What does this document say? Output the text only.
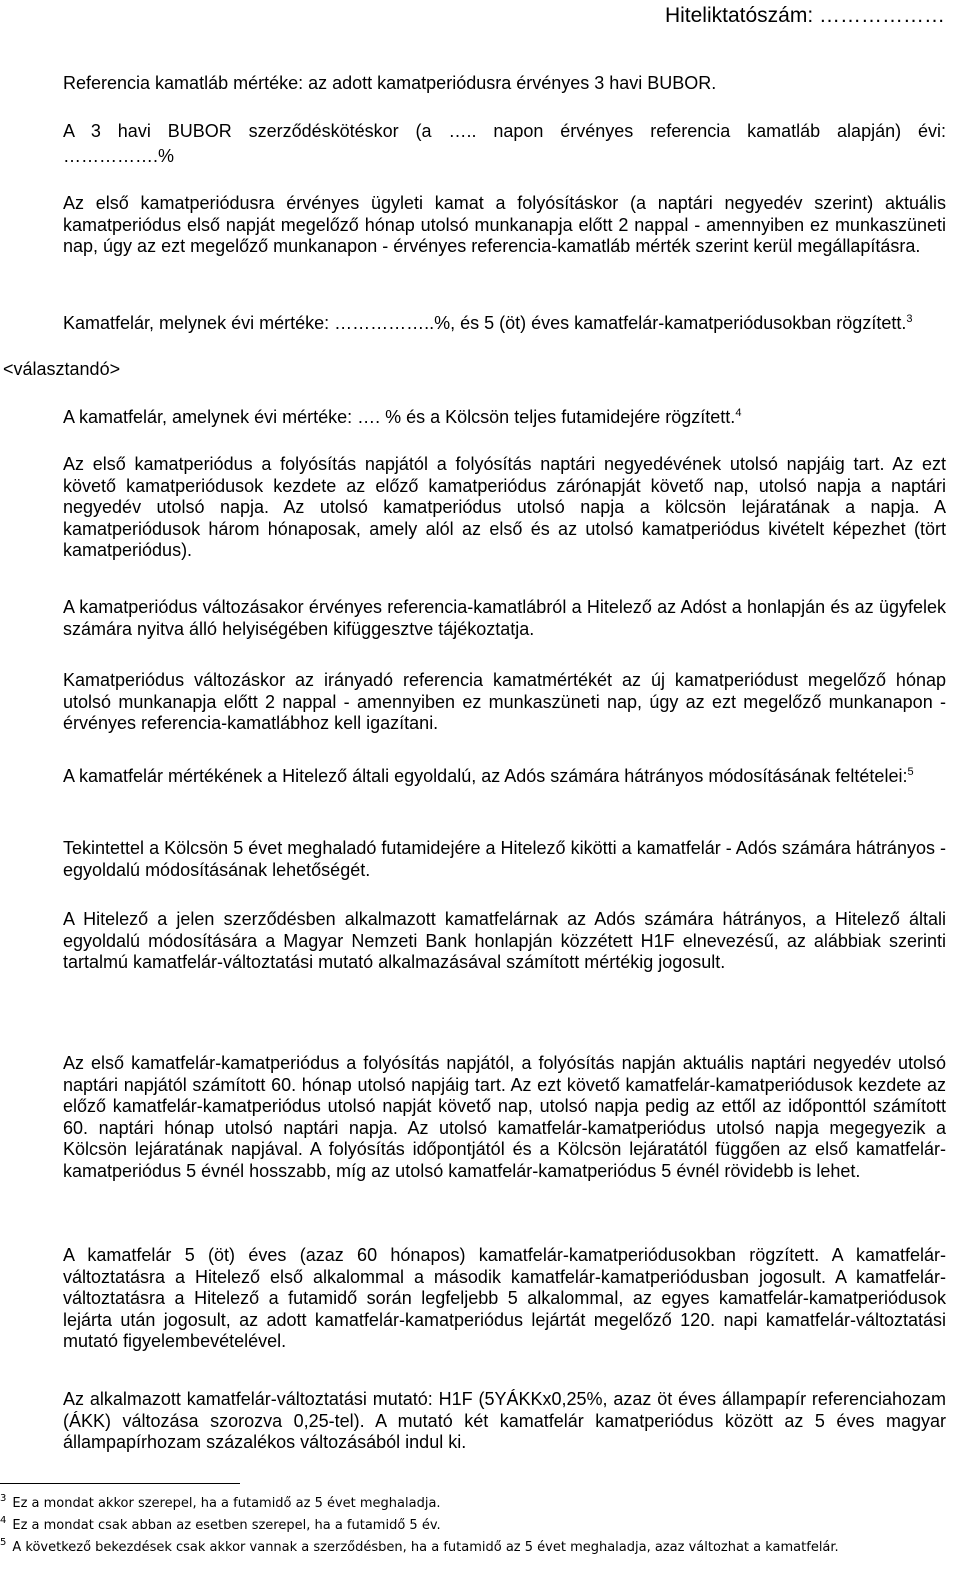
Hiteliktatószám: ………………

Referencia kamatláb mértéke: az adott kamatperiódusra érvényes 3 havi BUBOR.

A 3 havi BUBOR szerződéskötéskor (a ….. napon érvényes referencia kamatláb alapján) évi:

…………….%

Az első kamatperiódusra érvényes ügyleti kamat a folyósításkor (a naptári negyedév szerint) aktuális kamatperiódus első napját megelőző hónap utolsó munkanapja előtt 2 nappal - amennyiben ez munkaszüneti nap, úgy az ezt megelőző munkanapon - érvényes referencia-kamatláb mérték szerint kerül megállapításra.

Kamatfelár, melynek évi mértéke: ……………..%, és 5 (öt) éves kamatfelár-kamatperiódusokban rögzített.$^3$

<választandó>

A kamatfelár, amelynek évi mértéke: …. % és a Kölcsön teljes futamidejére rögzített.$^4$

Az első kamatperiódus a folyósítás napjától a folyósítás naptári negyedévének utolsó napjáig tart. Az ezt követő kamatperiódusok kezdete az előző kamatperiódus zárónapját követő nap, utolsó napja a naptári negyedév utolsó napja. Az utolsó kamatperiódus utolsó napja a kölcsön lejáratának a napja. A kamatperiódusok három hónaposak, amely alól az első és az utolsó kamatperiódus kivételt képezhet (tört kamatperiódus).

A kamatperiódus változásakor érvényes referencia-kamatlábról a Hitelező az Adóst a honlapján és az ügyfelek számára nyitva álló helyiségében kifüggesztve tájékoztatja.

Kamatperiódus változáskor az irányadó referencia kamatmértékét az új kamatperiódust megelőző hónap utolsó munkanapja előtt 2 nappal - amennyiben ez munkaszüneti nap, úgy az ezt megelőző munkanapon - érvényes referencia-kamatlábhoz kell igazítani.

A kamatfelár mértékének a Hitelező általi egyoldalú, az Adós számára hátrányos módosításának feltételei:$^5$

Tekintettel a Kölcsön 5 évet meghaladó futamidejére a Hitelező kikötti a kamatfelár - Adós számára hátrányos - egyoldalú módosításának lehetőségét.

A Hitelező a jelen szerződésben alkalmazott kamatfelárnak az Adós számára hátrányos, a Hitelező általi egyoldalú módosítására a Magyar Nemzeti Bank honlapján közzétett H1F elnevezésű, az alábbiak szerinti tartalmú kamatfelár-változtatási mutató alkalmazásával számított mértékig jogosult.

Az első kamatfelár-kamatperiódus a folyósítás napjától, a folyósítás napján aktuális naptári negyedév utolsó naptári napjától számított 60. hónap utolsó napjáig tart. Az ezt követő kamatfelár-kamatperiódusok kezdete az előző kamatfelár-kamatperiódus utolsó napját követő nap, utolsó napja pedig az ettől az időponttól számított 60. naptári hónap utolsó naptári napja. Az utolsó kamatfelár-kamatperiódus utolsó napja megegyezik a Kölcsön lejáratának napjával. A folyósítás időpontjától és a Kölcsön lejáratától függően az első kamatfelár-kamatperiódus 5 évnél hosszabb, míg az utolsó kamatfelár-kamatperiódus 5 évnél rövidebb is lehet.

A kamatfelár 5 (öt) éves (azaz 60 hónapos) kamatfelár-kamatperiódusokban rögzített. A kamatfelár-változtatásra a Hitelező első alkalommal a második kamatfelár-kamatperiódusban jogosult. A kamatfelár-változtatásra a Hitelező a futamidő során legfeljebb 5 alkalommal, az egyes kamatfelár-kamatperiódusok lejárta után jogosult, az adott kamatfelár-kamatperiódus lejártát megelőző 120. napi kamatfelár-változtatási mutató figyelembevételével.

Az alkalmazott kamatfelár-változtatási mutató: H1F (5YÁKKx0,25%, azaz öt éves állampapír referenciahozam (ÁKK) változása szorozva 0,25-tel). A mutató két kamatfelár kamatperiódus között az 5 éves magyar állampapírhozam százalékos változásából indul ki.

$^3$ Ez a mondat akkor szerepel, ha a futamidő az 5 évet meghaladja.
$^4$ Ez a mondat csak abban az esetben szerepel, ha a futamidő 5 év.
$^5$ A következő bekezdések csak akkor vannak a szerződésben, ha a futamidő az 5 évet meghaladja, azaz változhat a kamatfelár.
